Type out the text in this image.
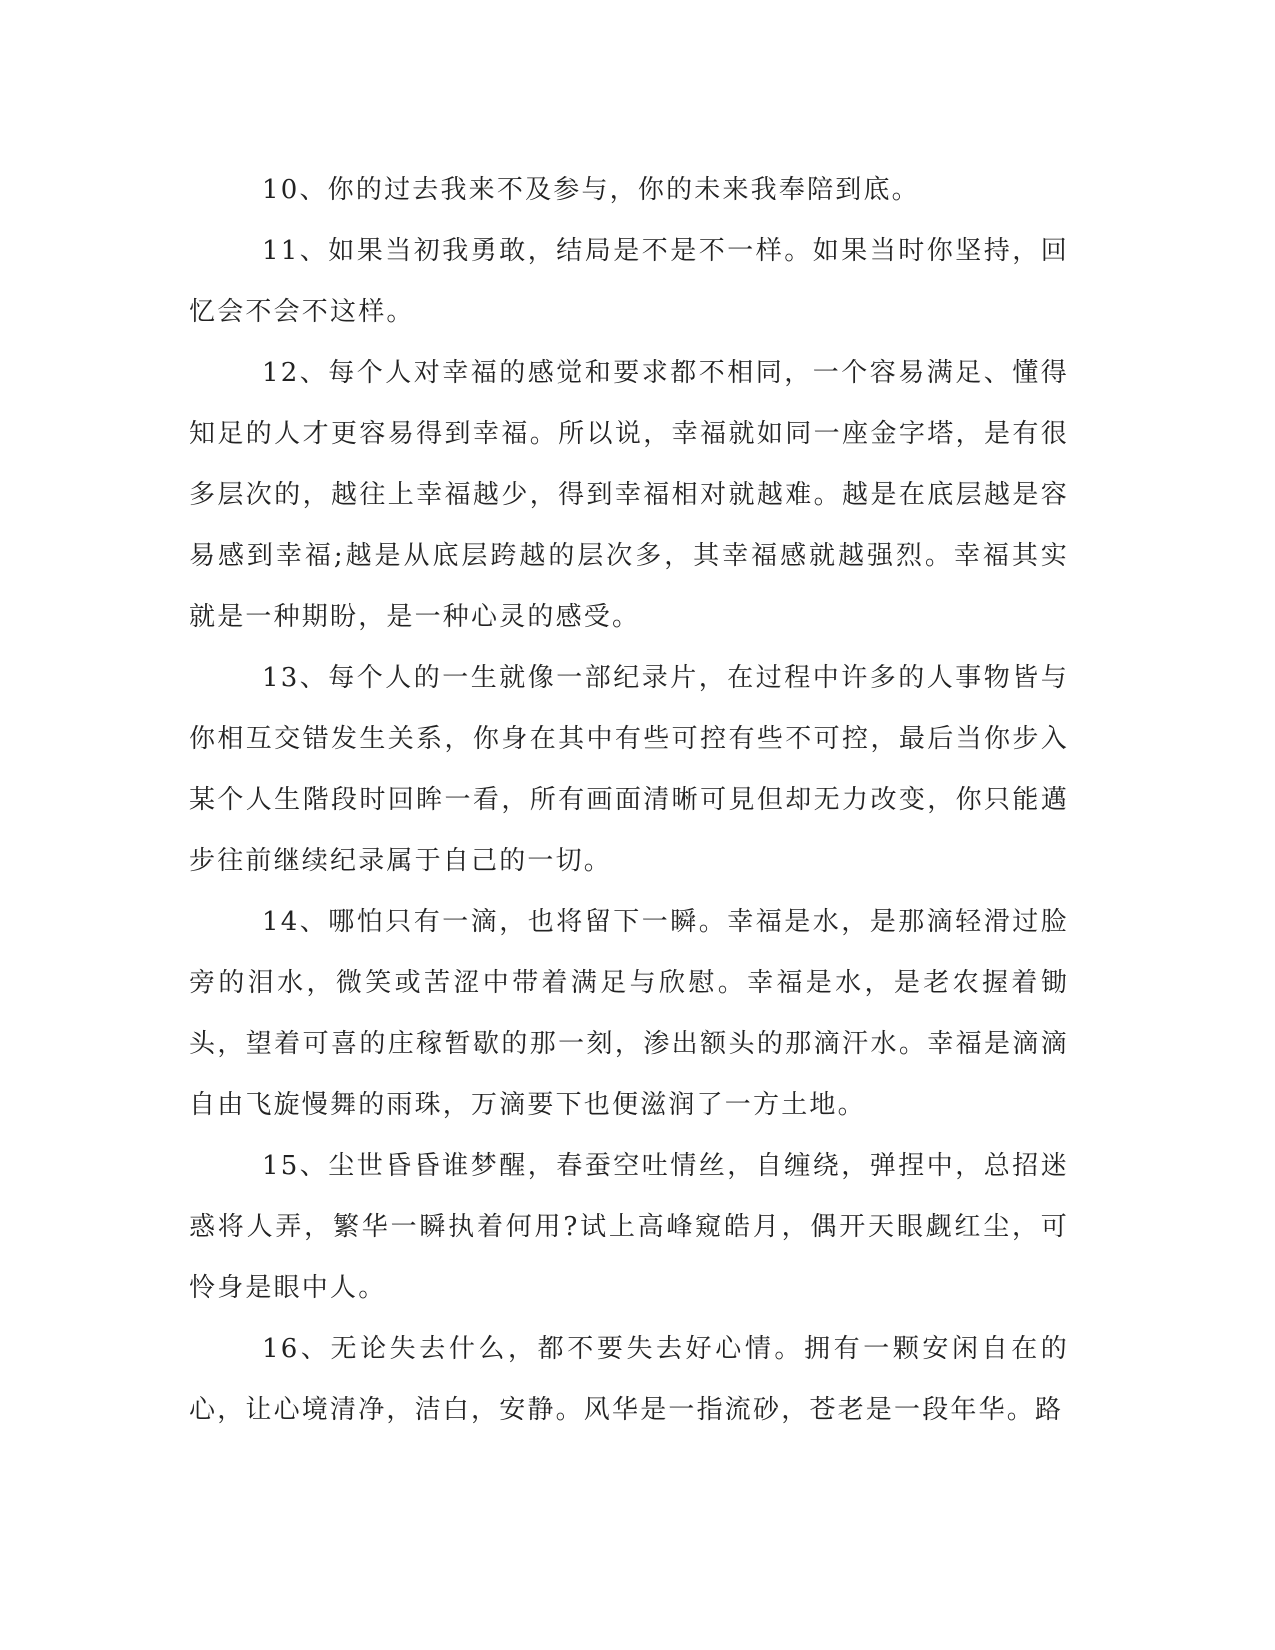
10、你的过去我来不及参与，你的未来我奉陪到底。

11、如果当初我勇敢，结局是不是不一样。如果当时你坚持，回忆会不会不这样。

12、每个人对幸福的感觉和要求都不相同，一个容易满足、懂得知足的人才更容易得到幸福。所以说，幸福就如同一座金字塔，是有很多层次的，越往上幸福越少，得到幸福相对就越难。越是在底层越是容易感到幸福;越是从底层跨越的层次多，其幸福感就越强烈。幸福其实就是一种期盼，是一种心灵的感受。

13、每个人的一生就像一部纪录片，在过程中许多的人事物皆与你相互交错发生关系，你身在其中有些可控有些不可控，最后当你步入某个人生階段时回眸一看，所有画面清晰可見但却无力改变，你只能邁步往前继续纪录属于自己的一切。

14、哪怕只有一滴，也将留下一瞬。幸福是水，是那滴轻滑过脸旁的泪水，微笑或苦涩中带着满足与欣慰。幸福是水，是老农握着锄头，望着可喜的庄稼暂歇的那一刻，渗出额头的那滴汗水。幸福是滴滴自由飞旋慢舞的雨珠，万滴要下也便滋润了一方土地。

15、尘世昏昏谁梦醒，春蚕空吐情丝，自缠绕，弹捏中，总招迷惑将人弄，繁华一瞬执着何用?试上高峰窥皓月，偶开天眼觑红尘，可怜身是眼中人。

16、无论失去什么，都不要失去好心情。拥有一颗安闲自在的心，让心境清净，洁白，安静。风华是一指流砂，苍老是一段年华。路
